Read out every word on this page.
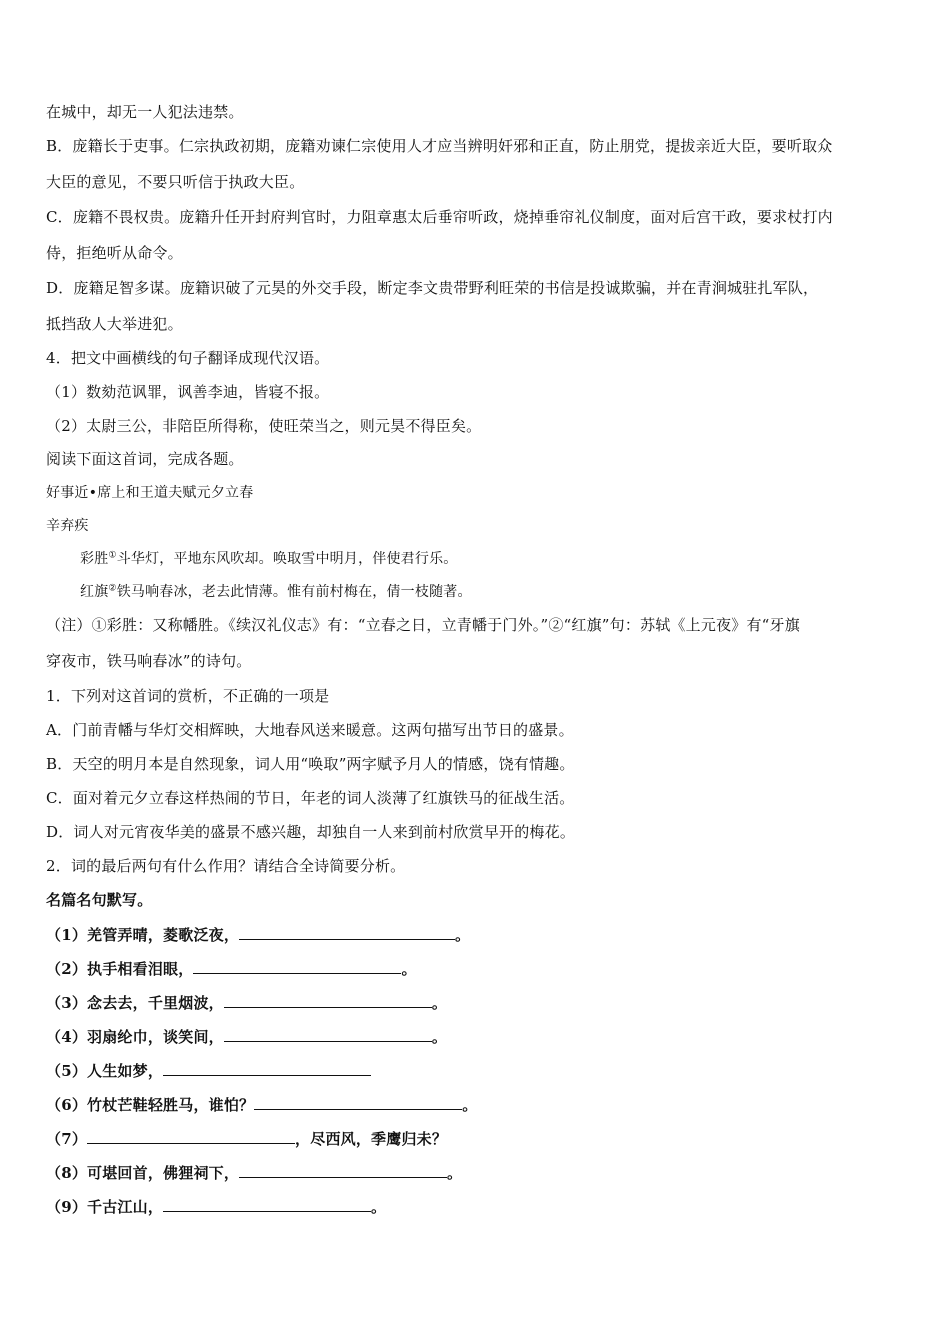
在城中，却无一人犯法违禁。
B．庞籍长于吏事。仁宗执政初期，庞籍劝谏仁宗使用人才应当辨明奸邪和正直，防止朋党，提拔亲近大臣，要听取众
大臣的意见，不要只听信于执政大臣。
C．庞籍不畏权贵。庞籍升任开封府判官时，力阻章惠太后垂帘听政，烧掉垂帘礼仪制度，面对后宫干政，要求杖打内
侍，拒绝听从命令。
D．庞籍足智多谋。庞籍识破了元昊的外交手段，断定李文贵带野利旺荣的书信是投诚欺骗，并在青涧城驻扎军队，
抵挡敌人大举进犯。
4．把文中画横线的句子翻译成现代汉语。
（1）数劾范讽罪，讽善李迪，皆寝不报。
（2）太尉三公，非陪臣所得称，使旺荣当之，则元昊不得臣矣。
阅读下面这首词，完成各题。
好事近•席上和王道夫赋元夕立春
辛弃疾
彩胜①斗华灯，平地东风吹却。唤取雪中明月，伴使君行乐。
红旗②铁马响春冰，老去此情薄。惟有前村梅在，倩一枝随著。
（注）①彩胜：又称幡胜。《续汉礼仪志》有：“立春之日，立青幡于门外。”②“红旗”句：苏轼《上元夜》有“牙旗
穿夜市，铁马响春冰”的诗句。
1．下列对这首词的赏析，不正确的一项是
A．门前青幡与华灯交相辉映，大地春风送来暖意。这两句描写出节日的盛景。
B．天空的明月本是自然现象，词人用“唤取”两字赋予月人的情感，饶有情趣。
C．面对着元夕立春这样热闹的节日，年老的词人淡薄了红旗铁马的征战生活。
D．词人对元宵夜华美的盛景不感兴趣，却独自一人来到前村欣赏早开的梅花。
2．词的最后两句有什么作用？请结合全诗简要分析。
名篇名句默写。
（1）羌管弄晴，菱歌泛夜，	。
（2）执手相看泪眼，	。
（3）念去去，千里烟波，	。
（4）羽扇纶巾，谈笑间，	。
（5）人生如梦，
（6）竹杖芒鞋轻胜马，谁怕？	。
（7）	，尽西风，季鹰归未？
（8）可堪回首，佛狸祠下，	。
（9）千古江山，	。
